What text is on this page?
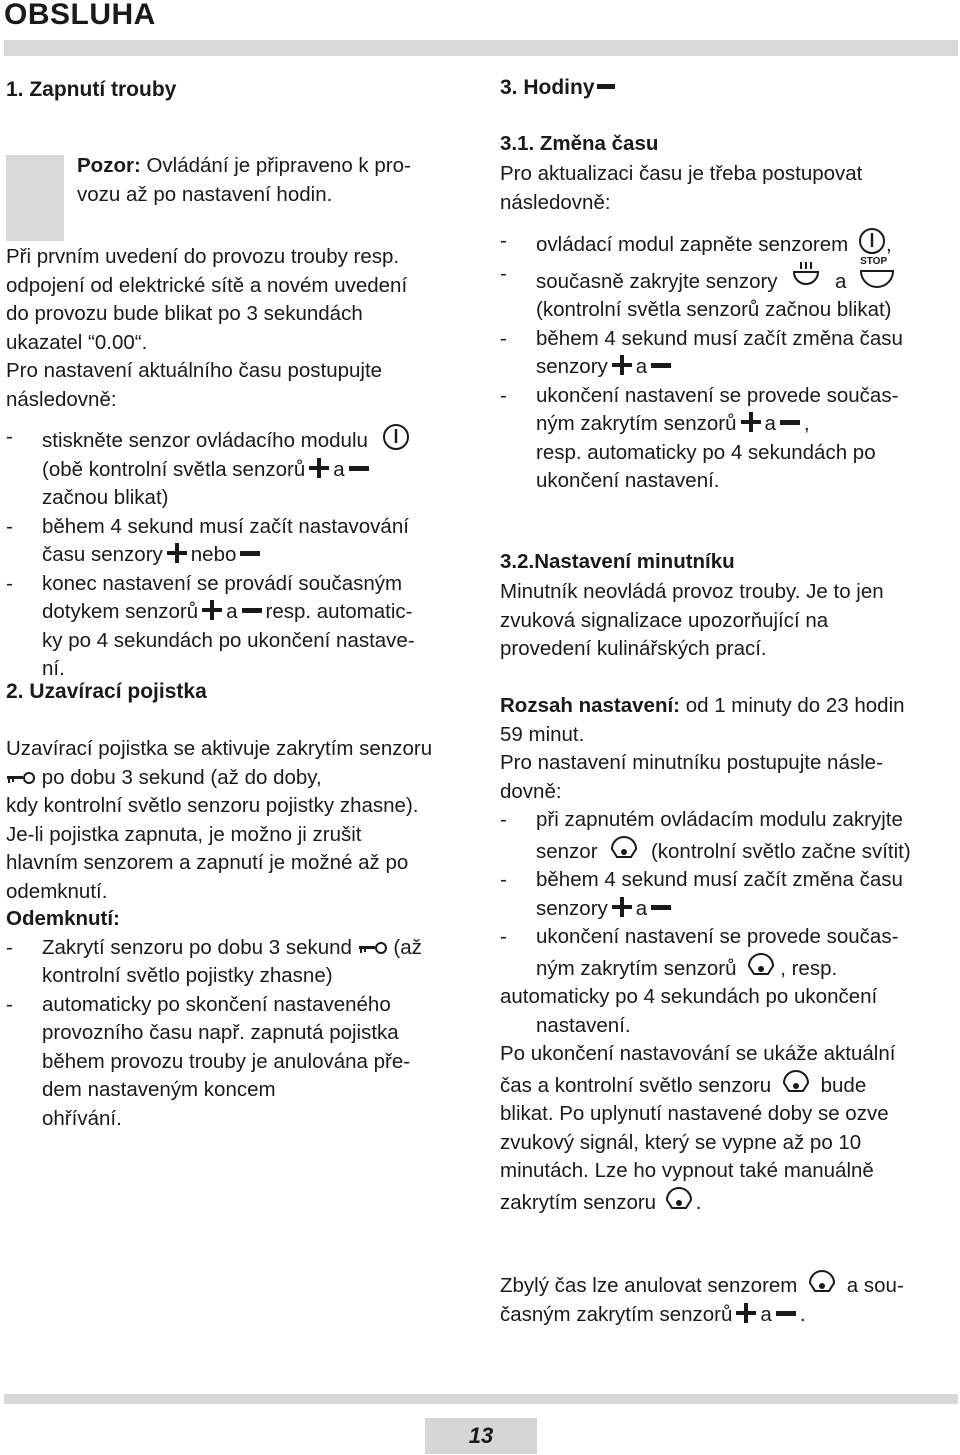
OBSLUHA
1. Zapnutí trouby

Pozor: Ovládání je připraveno k pro-

vozu až po nastavení hodin.

Při prvním uvedení do provozu trouby resp.

odpojení od elektrické sítě a novém uvedení

do provozu bude blikat po 3 sekundách

ukazatel “0.00“.

Pro nastavení aktuálního času postupujte

následovně:

-	stiskněte senzor ovládacího modulu
(obě kontrolní světla senzorů a
začnou blikat)
-	během 4 sekund musí začít nastavování
času senzory nebo
-	konec nastavení se provádí současným
dotykem senzorů a resp. automatic-
ky po 4 sekundách po ukončení nastave-
ní.
2. Uzavírací pojistka

Uzavírací pojistka se aktivuje zakrytím senzoru

po dobu 3 sekund (až do doby,

kdy kontrolní světlo senzoru pojistky zhasne).

Je-li pojistka zapnuta, je možno ji zrušit

hlavním senzorem a zapnutí je možné až po

odemknutí.

Odemknutí:

-	Zakrytí senzoru po dobu 3 sekund (až
kontrolní světlo pojistky zhasne)
-	automaticky po skončení nastaveného
provozního času např. zapnutá pojistka
během provozu trouby je anulována pře-
dem nastaveným koncem
ohřívání.
3. Hodiny
3.1. Změna času

Pro aktualizaci času je třeba postupovat

následovně:

-	ovládací modul zapněte senzorem ,
-	současně zakryjte senzory	a
STOP
(kontrolní světla senzorů začnou blikat)
-	během 4 sekund musí začít změna času
senzory a
-	ukončení nastavení se provede součas-
ným zakrytím senzorů a ,
resp. automaticky po 4 sekundách po
ukončení nastavení.
3.2.Nastavení minutníku

Minutník neovládá provoz trouby. Je to jen

zvuková signalizace upozorňující na

provedení kulinářských prací.

Rozsah nastavení: od 1 minuty do 23 hodin

59 minut.

Pro nastavení minutníku postupujte násle-

dovně:

-	při zapnutém ovládacím modulu zakryjte
senzor	(kontrolní světlo začne svítit)
-	během 4 sekund musí začít změna času
senzory a
-	ukončení nastavení se provede součas-
ným zakrytím senzorů , resp.

automaticky po 4 sekundách po ukončení

nastavení.

Po ukončení nastavování se ukáže aktuální

čas a kontrolní světlo senzoru bude

blikat. Po uplynutí nastavené doby se ozve

zvukový signál, který se vypne až po 10

minutách. Lze ho vypnout také manuálně

zakrytím senzoru .

Zbylý čas lze anulovat senzorem a sou-

časným zakrytím senzorů a .

13
